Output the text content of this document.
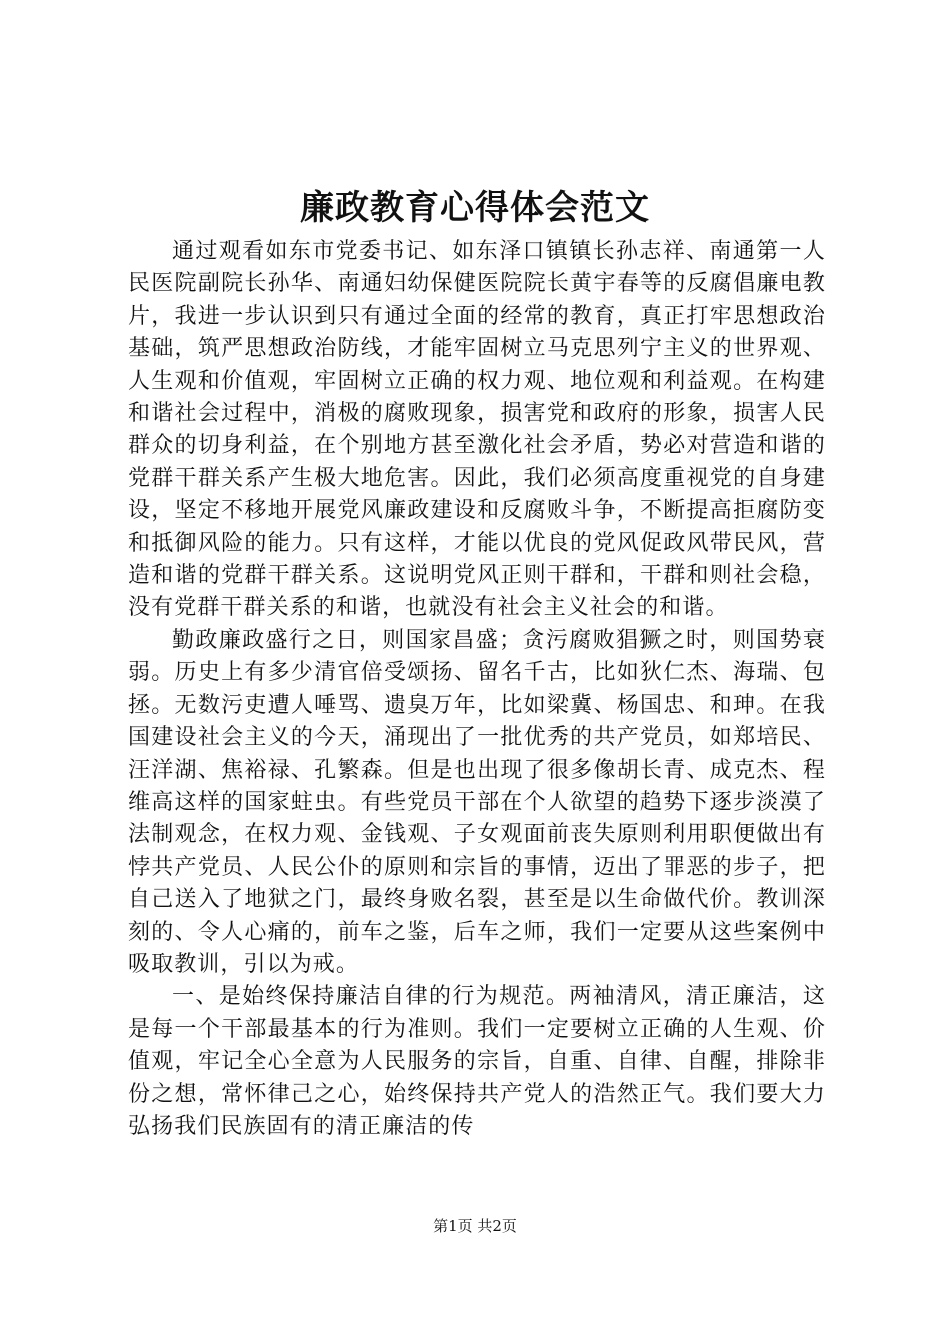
廉政教育心得体会范文

通过观看如东市党委书记、如东泽口镇镇长孙志祥、南通第一人民医院副院长孙华、南通妇幼保健医院院长黄宇春等的反腐倡廉电教片，我进一步认识到只有通过全面的经常的教育，真正打牢思想政治基础，筑严思想政治防线，才能牢固树立马克思列宁主义的世界观、人生观和价值观，牢固树立正确的权力观、地位观和利益观。在构建和谐社会过程中，消极的腐败现象，损害党和政府的形象，损害人民群众的切身利益，在个别地方甚至激化社会矛盾，势必对营造和谐的党群干群关系产生极大地危害。因此，我们必须高度重视党的自身建设，坚定不移地开展党风廉政建设和反腐败斗争，不断提高拒腐防变和抵御风险的能力。只有这样，才能以优良的党风促政风带民风，营造和谐的党群干群关系。这说明党风正则干群和，干群和则社会稳，没有党群干群关系的和谐，也就没有社会主义社会的和谐。

勤政廉政盛行之日，则国家昌盛；贪污腐败猖獗之时，则国势衰弱。历史上有多少清官倍受颂扬、留名千古，比如狄仁杰、海瑞、包拯。无数污吏遭人唾骂、遗臭万年，比如梁冀、杨国忠、和珅。在我国建设社会主义的今天，涌现出了一批优秀的共产党员，如郑培民、汪洋湖、焦裕禄、孔繁森。但是也出现了很多像胡长青、成克杰、程维高这样的国家蛀虫。有些党员干部在个人欲望的趋势下逐步淡漠了法制观念，在权力观、金钱观、子女观面前丧失原则利用职便做出有悖共产党员、人民公仆的原则和宗旨的事情，迈出了罪恶的步子，把自己送入了地狱之门，最终身败名裂，甚至是以生命做代价。教训深刻的、令人心痛的，前车之鉴，后车之师，我们一定要从这些案例中吸取教训，引以为戒。

一、是始终保持廉洁自律的行为规范。两袖清风，清正廉洁，这是每一个干部最基本的行为准则。我们一定要树立正确的人生观、价值观，牢记全心全意为人民服务的宗旨，自重、自律、自醒，排除非份之想，常怀律己之心，始终保持共产党人的浩然正气。我们要大力弘扬我们民族固有的清正廉洁的传

第1页 共2页
